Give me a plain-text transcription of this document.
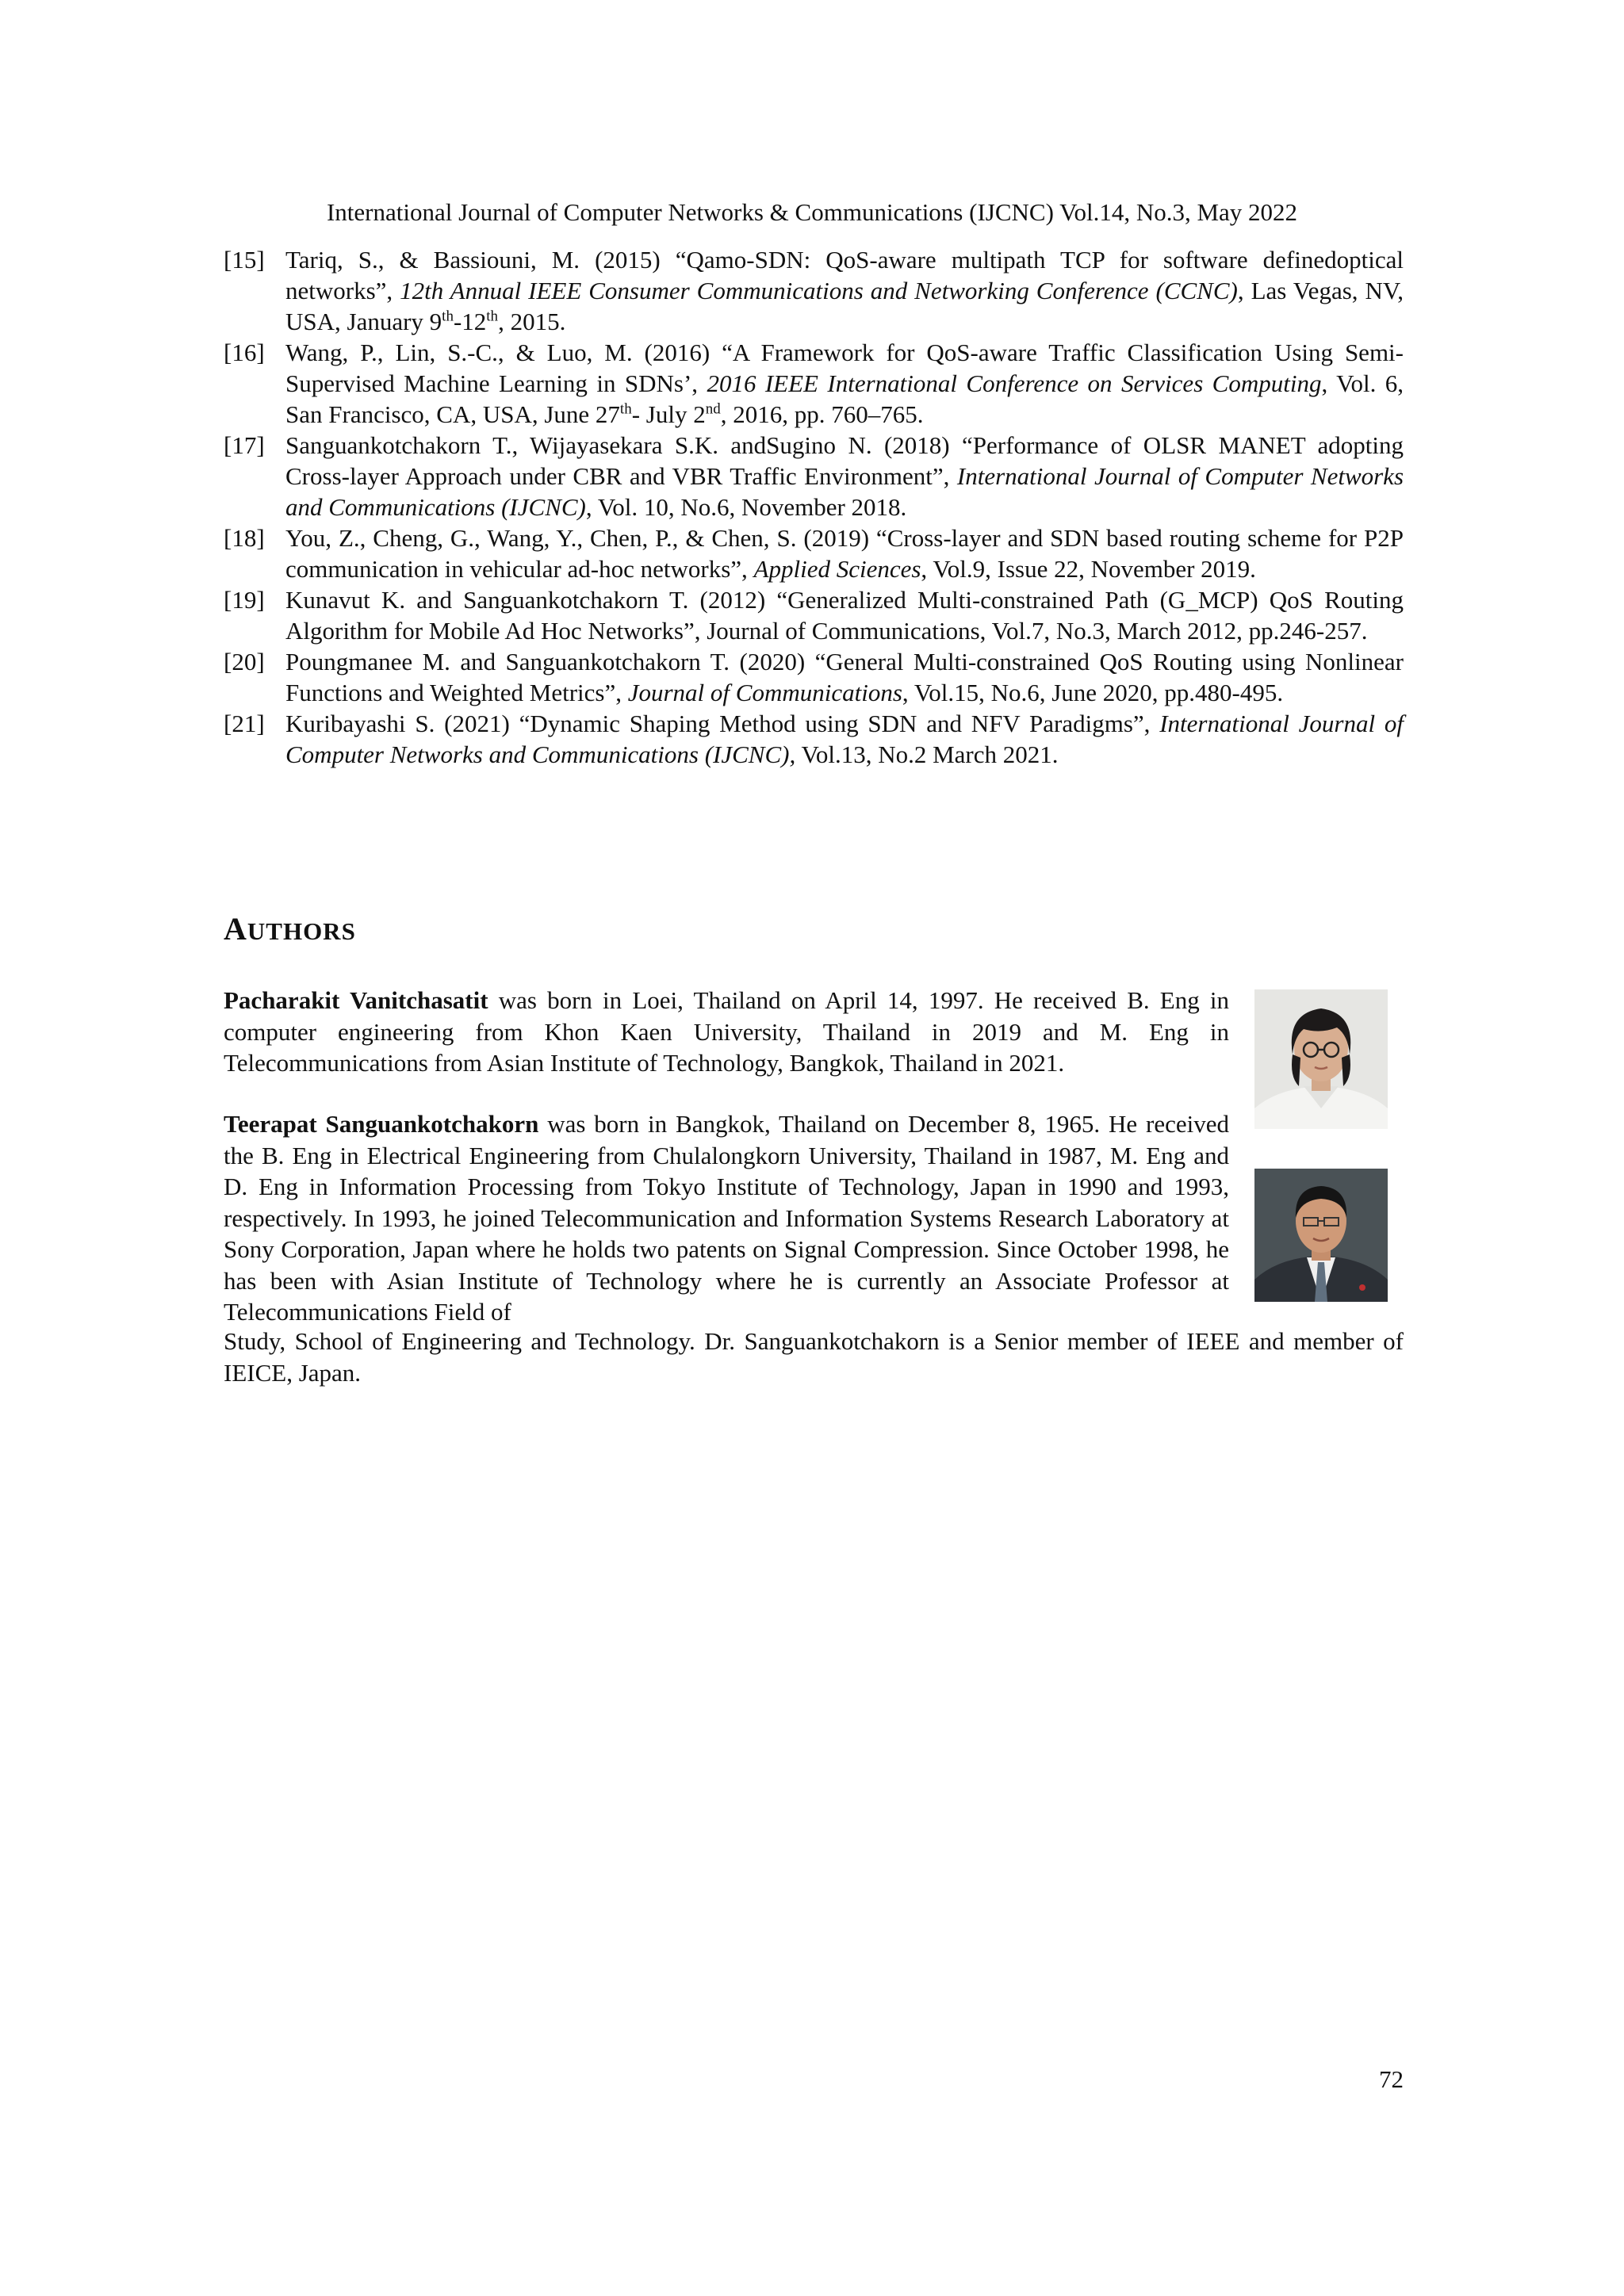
International Journal of Computer Networks & Communications (IJCNC) Vol.14, No.3, May 2022
[15] Tariq, S., & Bassiouni, M. (2015) “Qamo-SDN: QoS-aware multipath TCP for software definedoptical networks”, 12th Annual IEEE Consumer Communications and Networking Conference (CCNC), Las Vegas, NV, USA, January 9th-12th, 2015.
[16] Wang, P., Lin, S.-C., & Luo, M. (2016) “A Framework for QoS-aware Traffic Classification Using Semi-Supervised Machine Learning in SDNs’, 2016 IEEE International Conference on Services Computing, Vol. 6, San Francisco, CA, USA, June 27th- July 2nd, 2016, pp. 760–765.
[17] Sanguankotchakorn T., Wijayasekara S.K. andSugino N. (2018) “Performance of OLSR MANET adopting Cross-layer Approach under CBR and VBR Traffic Environment”, International Journal of Computer Networks and Communications (IJCNC), Vol. 10, No.6, November 2018.
[18] You, Z., Cheng, G., Wang, Y., Chen, P., & Chen, S. (2019) “Cross-layer and SDN based routing scheme for P2P communication in vehicular ad-hoc networks”, Applied Sciences, Vol.9, Issue 22, November 2019.
[19] Kunavut K. and Sanguankotchakorn T. (2012) “Generalized Multi-constrained Path (G_MCP) QoS Routing Algorithm for Mobile Ad Hoc Networks”, Journal of Communications, Vol.7, No.3, March 2012, pp.246-257.
[20] Poungmanee M. and Sanguankotchakorn T. (2020) “General Multi-constrained QoS Routing using Nonlinear Functions and Weighted Metrics”, Journal of Communications, Vol.15, No.6, June 2020, pp.480-495.
[21] Kuribayashi S. (2021) “Dynamic Shaping Method using SDN and NFV Paradigms”, International Journal of Computer Networks and Communications (IJCNC), Vol.13, No.2 March 2021.
AUTHORS
Pacharakit Vanitchasatit was born in Loei, Thailand on April 14, 1997. He received B. Eng in computer engineering from Khon Kaen University, Thailand in 2019 and M. Eng in Telecommunications from Asian Institute of Technology, Bangkok, Thailand in 2021.
Teerapat Sanguankotchakorn was born in Bangkok, Thailand on December 8, 1965. He received the B. Eng in Electrical Engineering from Chulalongkorn University, Thailand in 1987, M. Eng and D. Eng in Information Processing from Tokyo Institute of Technology, Japan in 1990 and 1993, respectively. In 1993, he joined Telecommunication and Information Systems Research Laboratory at Sony Corporation, Japan where he holds two patents on Signal Compression. Since October 1998, he has been with Asian Institute of Technology where he is currently an Associate Professor at Telecommunications Field of
Study, School of Engineering and Technology. Dr. Sanguankotchakorn is a Senior member of IEEE and member of IEICE, Japan.
72
